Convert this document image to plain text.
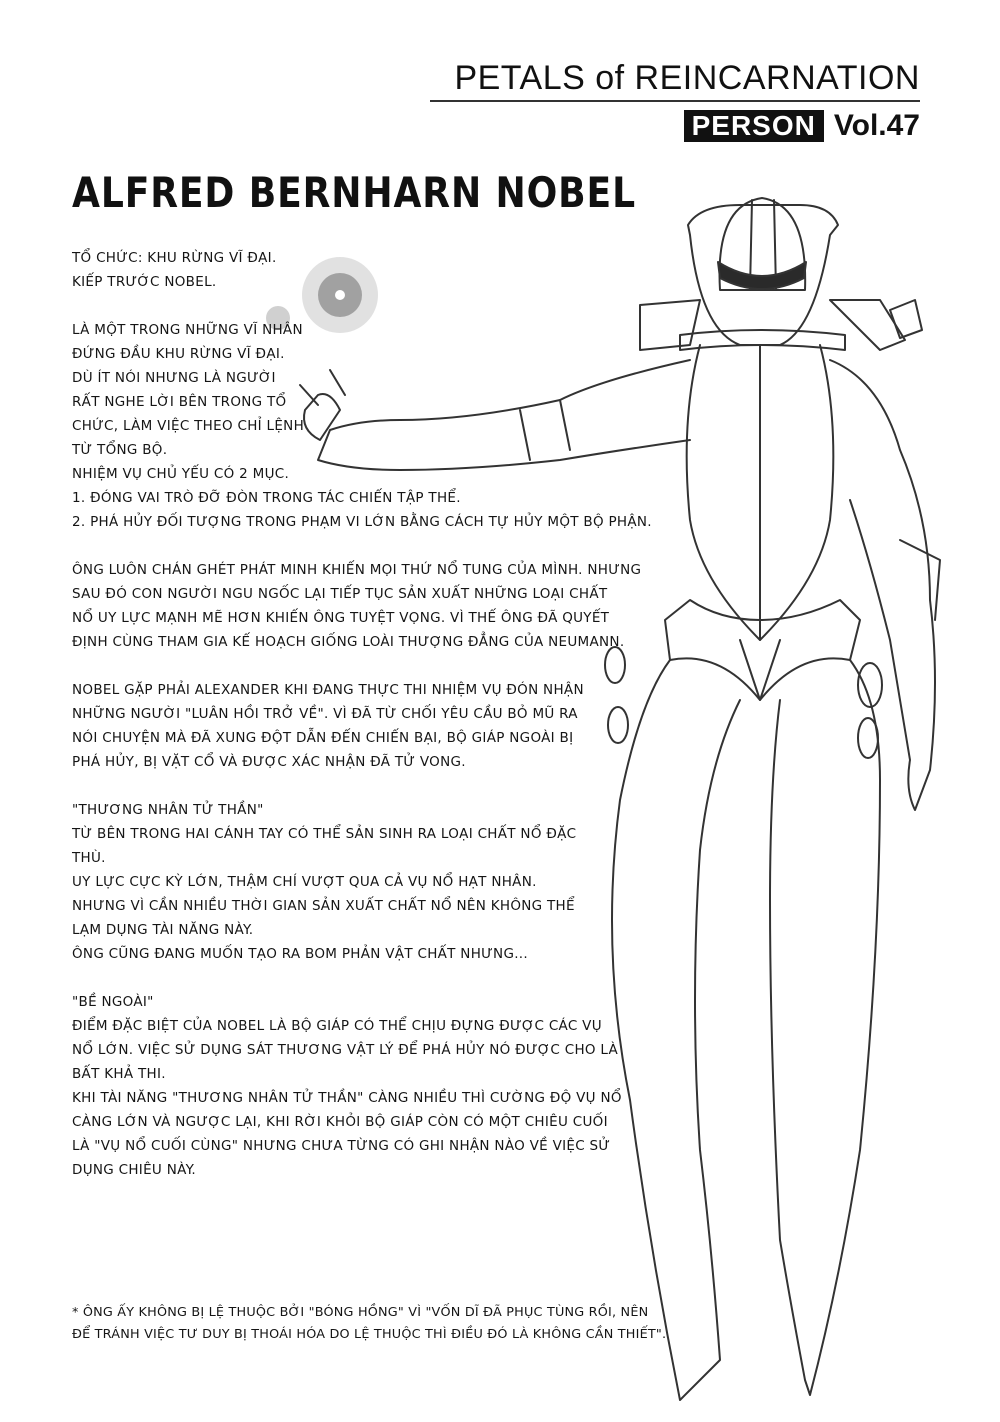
PETALS of REINCARNATION
PERSON Vol.47
ALFRED BERNHARN NOBEL
TỔ CHỨC: KHU RỪNG VĨ ĐẠI.
KIẾP TRƯỚC NOBEL.
LÀ MỘT TRONG NHỮNG VĨ NHÂN
ĐỨNG ĐẦU KHU RỪNG VĨ ĐẠI.
DÙ ÍT NÓI NHƯNG LÀ NGƯỜI
RẤT NGHE LỜI BÊN TRONG TỔ
CHỨC, LÀM VIỆC THEO CHỈ LỆNH
TỪ TỔNG BỘ.
NHIỆM VỤ CHỦ YẾU CÓ 2 MỤC.
1. ĐÓNG VAI TRÒ ĐỠ ĐÒN TRONG TÁC CHIẾN TẬP THỂ.
2. PHÁ HỦY ĐỐI TƯỢNG TRONG PHẠM VI LỚN BẰNG CÁCH TỰ HỦY MỘT BỘ PHẬN.
ÔNG LUÔN CHÁN GHÉT PHÁT MINH KHIẾN MỌI THỨ NỔ TUNG CỦA MÌNH. NHƯNG
SAU ĐÓ CON NGƯỜI NGU NGỐC LẠI TIẾP TỤC SẢN XUẤT NHỮNG LOẠI CHẤT
NỔ UY LỰC MẠNH MẼ HƠN KHIẾN ÔNG TUYỆT VỌNG. VÌ THẾ ÔNG ĐÃ QUYẾT
ĐỊNH CÙNG THAM GIA KẾ HOẠCH GIỐNG LOÀI THƯỢNG ĐẲNG CỦA NEUMANN.
NOBEL GẶP PHẢI ALEXANDER KHI ĐANG THỰC THI NHIỆM VỤ ĐÓN NHẬN
NHỮNG NGƯỜI "LUÂN HỒI TRỞ VỀ". VÌ ĐÃ TỪ CHỐI YÊU CẦU BỎ MŨ RA
NÓI CHUYỆN MÀ ĐÃ XUNG ĐỘT DẪN ĐẾN CHIẾN BẠI, BỘ GIÁP NGOÀI BỊ
PHÁ HỦY, BỊ VẶT CỔ VÀ ĐƯỢC XÁC NHẬN ĐÃ TỬ VONG.
"THƯƠNG NHÂN TỬ THẦN"
TỪ BÊN TRONG HAI CÁNH TAY CÓ THỂ SẢN SINH RA LOẠI CHẤT NỔ ĐẶC
THÙ.
UY LỰC CỰC KỲ LỚN, THẬM CHÍ VƯỢT QUA CẢ VỤ NỔ HẠT NHÂN.
NHƯNG VÌ CẦN NHIỀU THỜI GIAN SẢN XUẤT CHẤT NỔ NÊN KHÔNG THỂ
LẠM DỤNG TÀI NĂNG NÀY.
ÔNG CŨNG ĐANG MUỐN TẠO RA BOM PHẢN VẬT CHẤT NHƯNG...
"BỀ NGOÀI"
ĐIỂM ĐẶC BIỆT CỦA NOBEL LÀ BỘ GIÁP CÓ THỂ CHỊU ĐỰNG ĐƯỢC CÁC VỤ
NỔ LỚN. VIỆC SỬ DỤNG SÁT THƯƠNG VẬT LÝ ĐỂ PHÁ HỦY NÓ ĐƯỢC CHO LÀ
BẤT KHẢ THI.
KHI TÀI NĂNG "THƯƠNG NHÂN TỬ THẦN" CÀNG NHIỀU THÌ CƯỜNG ĐỘ VỤ NỔ
CÀNG LỚN VÀ NGƯỢC LẠI, KHI RỜI KHỎI BỘ GIÁP CÒN CÓ MỘT CHIÊU CUỐI
LÀ "VỤ NỔ CUỐI CÙNG" NHƯNG CHƯA TỪNG CÓ GHI NHẬN NÀO VỀ VIỆC SỬ
DỤNG CHIÊU NÀY.
* ÔNG ẤY KHÔNG BỊ LỆ THUỘC BỞI "BÓNG HỒNG" VÌ "VỐN DĨ ĐÃ PHỤC TÙNG RỒI, NÊN
ĐỂ TRÁNH VIỆC TƯ DUY BỊ THOÁI HÓA DO LỆ THUỘC THÌ ĐIỀU ĐÓ LÀ KHÔNG CẦN THIẾT".
